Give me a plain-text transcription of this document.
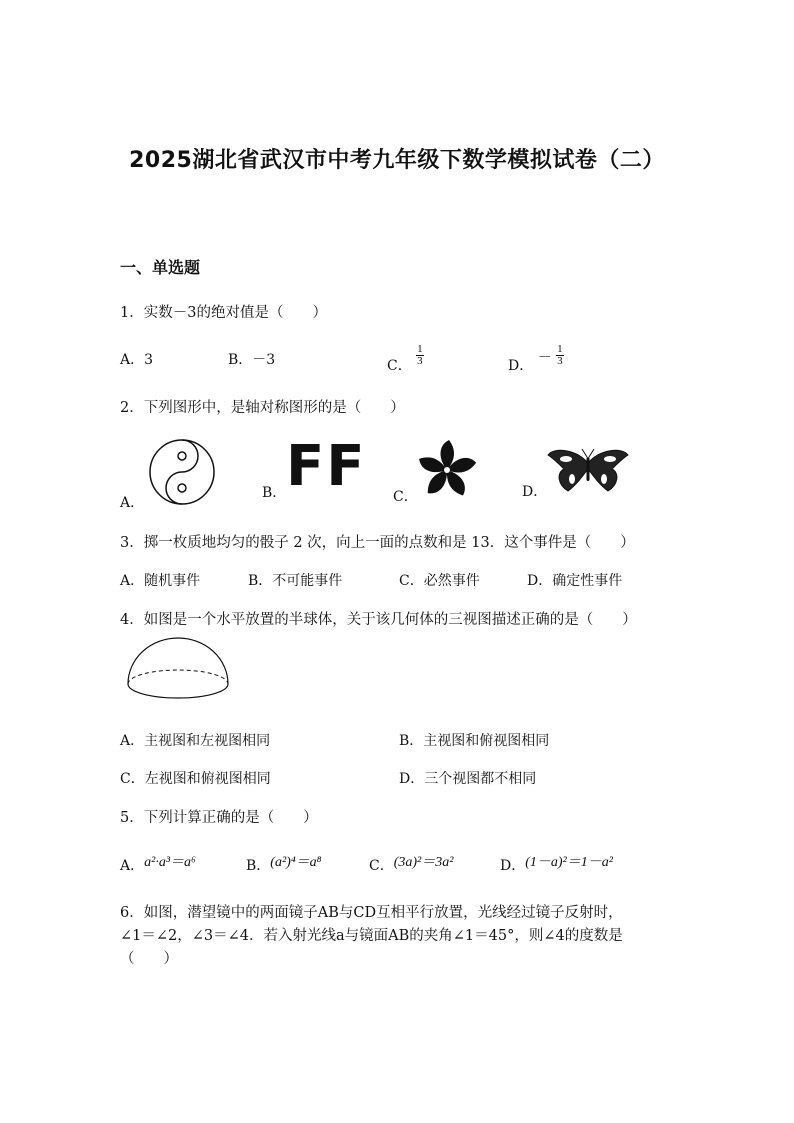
2025湖北省武汉市中考九年级下数学模拟试卷（二）
一、单选题
1．实数－3的绝对值是（　　）
A．3	B．－3	C． $\frac{1}{3}$	D． － $\frac{1}{3}$
2．下列图形中，是轴对称图形的是（　　）
A．
B． FF C．	D．
3．掷一枚质地均匀的骰子 2 次，向上一面的点数和是 13．这个事件是（　　）
A．随机事件	B．不可能事件	C．必然事件	D．确定性事件
4．如图是一个水平放置的半球体，关于该几何体的三视图描述正确的是（　　）
A．主视图和左视图相同	B．主视图和俯视图相同
C．左视图和俯视图相同	D．三个视图都不相同
5．下列计算正确的是（　　）
A．a²·a³＝a⁶	B．(a²)⁴＝a⁸	C．(3a)²＝3a²	D．(1－a)²＝1－a²
6．如图，潜望镜中的两面镜子AB与CD互相平行放置，光线经过镜子反射时，
∠1＝∠2，∠3＝∠4．若入射光线a与镜面AB的夹角∠1＝45°，则∠4的度数是
（　　）
